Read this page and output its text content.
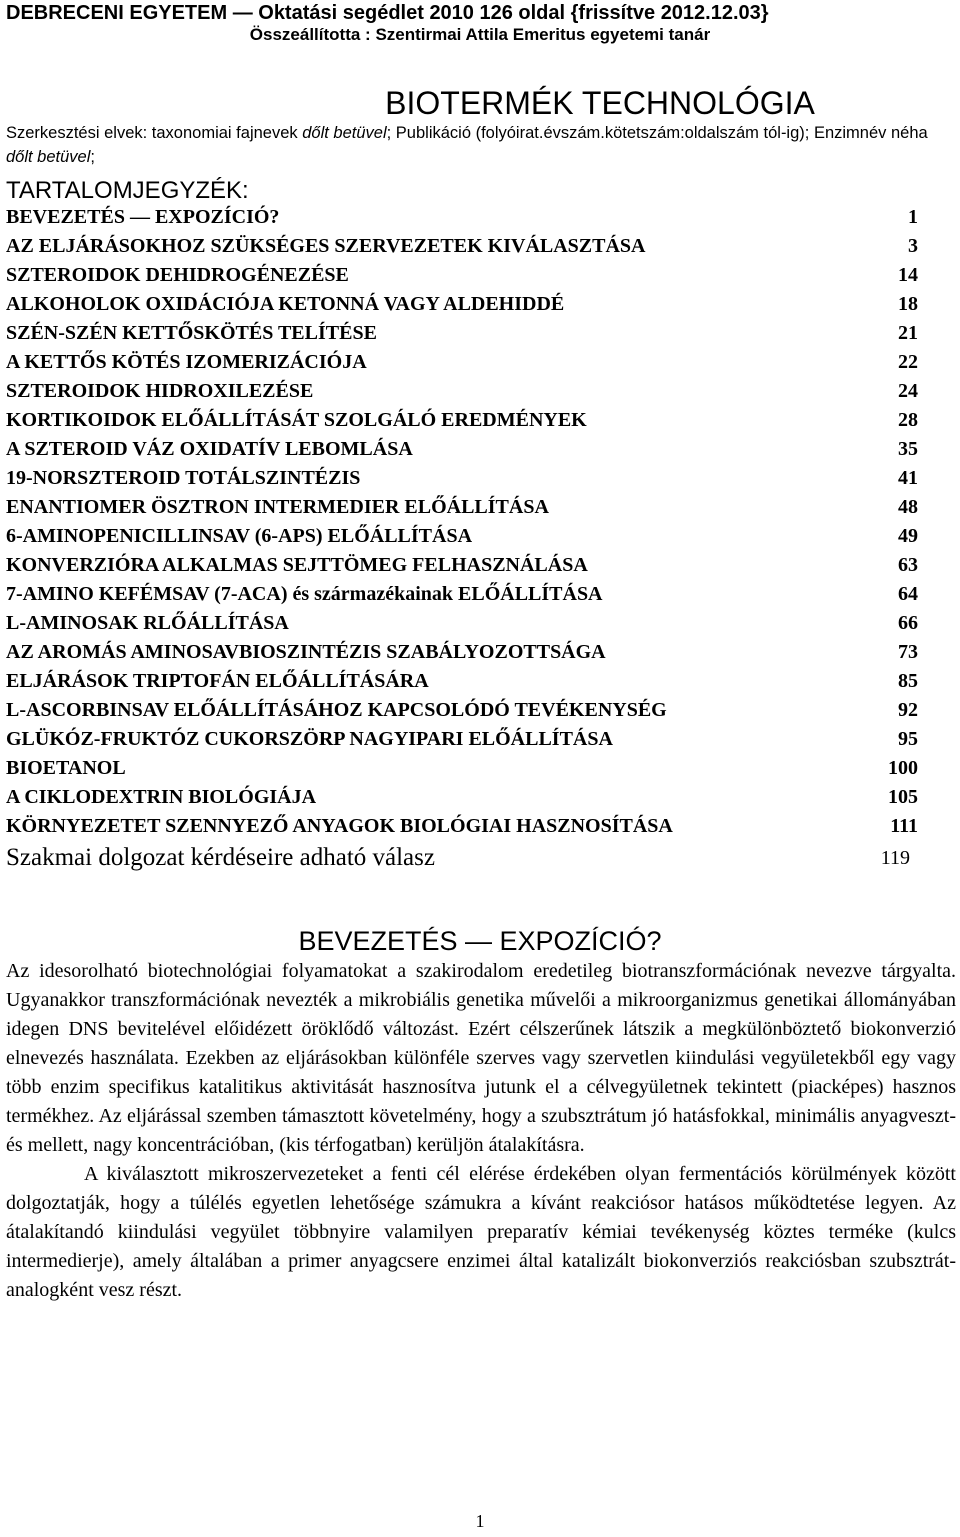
DEBRECENI EGYETEM — Oktatási segédlet 2010 126 oldal {frissítve 2012.12.03}
Összeállította : Szentirmai Attila Emeritus egyetemi tanár
BIOTERMÉK TECHNOLÓGIA
Szerkesztési elvek: taxonomiai fajnevek dőlt betüvel; Publikáció (folyóirat.évszám.kötetszám:oldalszám tól-ig); Enzimnév néha dőlt betüvel;
TARTALOMJEGYZÉK:
BEVEZETÉS — EXPOZÍCIÓ?	1
AZ ELJÁRÁSOKHOZ SZÜKSÉGES SZERVEZETEK KIVÁLASZTÁSA	3
SZTEROIDOK DEHIDROGÉNEZÉSE	14
ALKOHOLOK OXIDÁCIÓJA KETONNÁ VAGY ALDEHIDDÉ	18
SZÉN-SZÉN KETTŐSKÖTÉS TELÍTÉSE	21
A KETTŐS KÖTÉS IZOMERIZÁCIÓJA	22
SZTEROIDOK HIDROXILEZÉSE	24
KORTIKOIDOK ELŐÁLLÍTÁSÁT SZOLGÁLÓ EREDMÉNYEK	28
A SZTEROID VÁZ OXIDATÍV LEBOMLÁSA	35
19-NORSZTEROID TOTÁLSZINTÉZIS	41
ENANTIOMER ÖSZTRON INTERMEDIER ELŐÁLLÍTÁSA	48
6-AMINOPENICILLINSAV (6-APS) ELŐÁLLÍTÁSA	49
KONVERZIÓRA ALKALMAS SEJTTÖMEG FELHASZNÁLÁSA	63
7-AMINO KEFÉMSAV (7-ACA) és származékainak ELŐÁLLÍTÁSA	64
L-AMINOSAK RLŐÁLLÍTÁSA	66
AZ AROMÁS AMINOSAVBIOSZINTÉZIS SZABÁLYOZOTTSÁGA	73
ELJÁRÁSOK TRIPTOFÁN ELŐÁLLÍTÁSÁRA	85
L-ASCORBINSAV ELŐÁLLÍTÁSÁHOZ KAPCSOLÓDÓ TEVÉKENYSÉG	92
GLÜKÓZ-FRUKTÓZ CUKORSZÖRP NAGYIPARI ELŐÁLLÍTÁSA	95
BIOETANOL	100
A CIKLODEXTRIN BIOLÓGIÁJA	105
KÖRNYEZETET SZENNYEZŐ ANYAGOK BIOLÓGIAI HASZNOSÍTÁSA	111
Szakmai dolgozat kérdéseire adható válasz	119
BEVEZETÉS — EXPOZÍCIÓ?

Az idesorolható biotechnológiai folyamatokat a szakirodalom eredetileg biotranszformációnak nevezve tárgyalta. Ugyanakkor transzformációnak nevezték a mikrobiális genetika művelői a mikroorganizmus genetikai állományában idegen DNS bevitelével előidézett öröklődő változást. Ezért célszerűnek látszik a megkülönböztető biokonverzió elnevezés használata. Ezekben az eljárásokban különféle szerves vagy szervetlen kiindulási vegyületekből egy vagy több enzim specifikus katalitikus aktivitását hasznosítva jutunk el a célvegyületnek tekintett (piacképes) hasznos termékhez. Az eljárással szemben támasztott követelmény, hogy a szubsztrátum jó hatásfokkal, minimális anyagvesztés mellett, nagy koncentrációban, (kis térfogatban) kerüljön átalakításra.

A kiválasztott mikroszervezeteket a fenti cél elérése érdekében olyan fermentációs körülmények között dolgoztatják, hogy a túlélés egyetlen lehetősége számukra a kívánt reakciósor hatásos működtetése legyen. Az átalakítandó kiindulási vegyület többnyire valamilyen preparatív kémiai tevékenység köztes terméke (kulcs intermedierje), amely általában a primer anyagcsere enzimei által katalizált biokonverziós reakciósban szubsztrát-analogként vesz részt.

1
